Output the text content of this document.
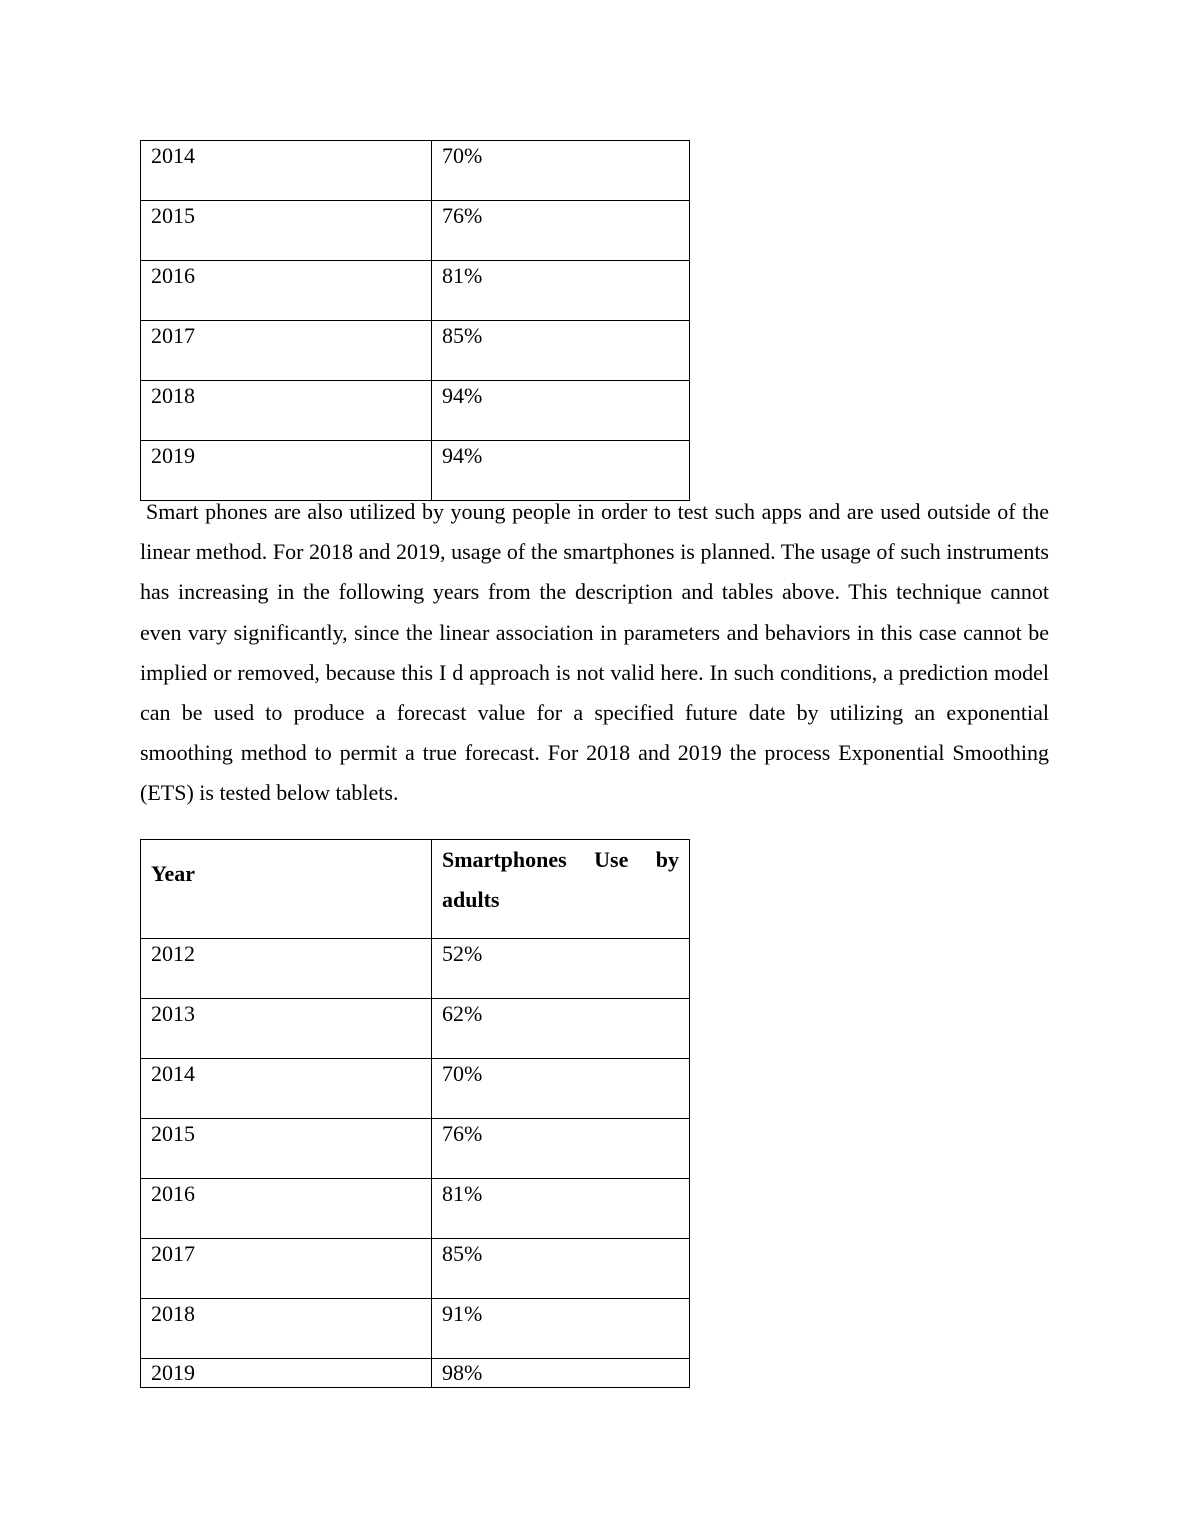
2014	70%
2015	76%
2016	81%
2017	85%
2018	94%
2019	94%

Smart phones are also utilized by young people in order to test such apps and are used outside of the linear method. For 2018 and 2019, usage of the smartphones is planned. The usage of such instruments has increasing in the following years from the description and tables above. This technique cannot even vary significantly, since the linear association in parameters and behaviors in this case cannot be implied or removed, because this I d approach is not valid here. In such conditions, a prediction model can be used to produce a forecast value for a specified future date by utilizing an exponential smoothing method to permit a true forecast. For 2018 and 2019 the process Exponential Smoothing (ETS) is tested below tablets.

Year	Smartphones Use by adults

2012	52%
2013	62%
2014	70%
2015	76%
2016	81%
2017	85%
2018	91%
2019	98%
